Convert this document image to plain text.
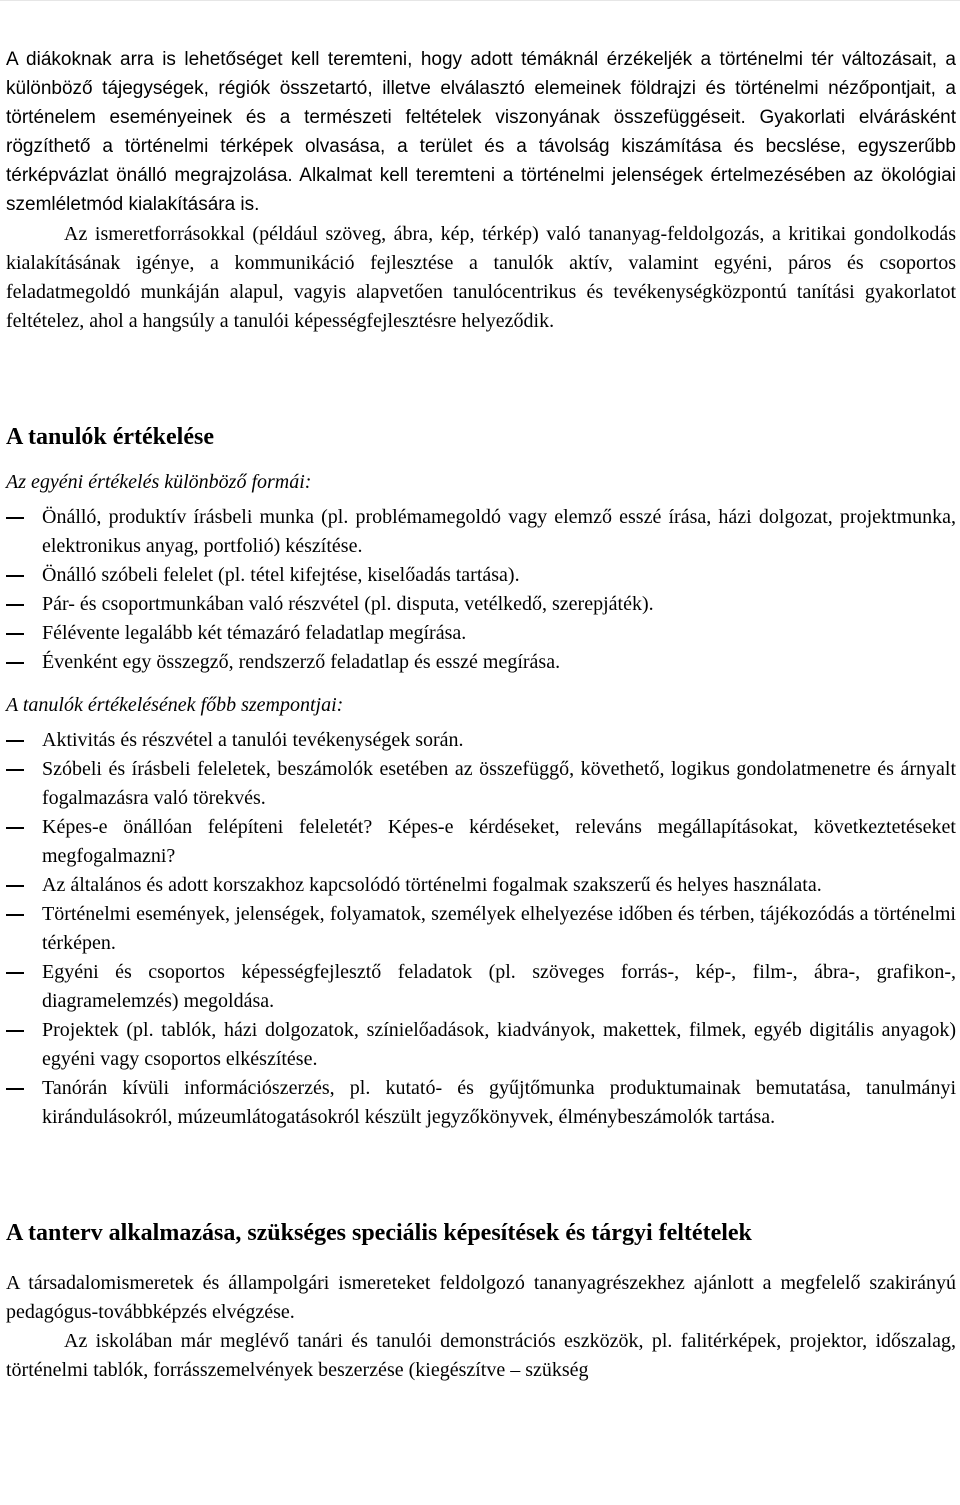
A diákoknak arra is lehetőséget kell teremteni, hogy adott témáknál érzékeljék a történelmi tér változásait, a különböző tájegységek, régiók összetartó, illetve elválasztó elemeinek földrajzi és történelmi nézőpontjait, a történelem eseményeinek és a természeti feltételek viszonyának összefüggéseit. Gyakorlati elvárásként rögzíthető a történelmi térképek olvasása, a terület és a távolság kiszámítása és becslése, egyszerűbb térképvázlat önálló megrajzolása. Alkalmat kell teremteni a történelmi jelenségek értelmezésében az ökológiai szemléletmód kialakítására is.

Az ismeretforrásokkal (például szöveg, ábra, kép, térkép) való tananyag-feldolgozás, a kritikai gondolkodás kialakításának igénye, a kommunikáció fejlesztése a tanulók aktív, valamint egyéni, páros és csoportos feladatmegoldó munkáján alapul, vagyis alapvetően tanulócentrikus és tevékenységközpontú tanítási gyakorlatot feltételez, ahol a hangsúly a tanulói képességfejlesztésre helyeződik.

A tanulók értékelése
Az egyéni értékelés különböző formái:
Önálló, produktív írásbeli munka (pl. problémamegoldó vagy elemző esszé írása, házi dolgozat, projektmunka, elektronikus anyag, portfolió) készítése.
Önálló szóbeli felelet (pl. tétel kifejtése, kiselőadás tartása).
Pár- és csoportmunkában való részvétel (pl. disputa, vetélkedő, szerepjáték).
Félévente legalább két témazáró feladatlap megírása.
Évenként egy összegző, rendszerző feladatlap és esszé megírása.
A tanulók értékelésének főbb szempontjai:
Aktivitás és részvétel a tanulói tevékenységek során.
Szóbeli és írásbeli feleletek, beszámolók esetében az összefüggő, követhető, logikus gondolatmenetre és árnyalt fogalmazásra való törekvés.
Képes-e önállóan felépíteni feleletét? Képes-e kérdéseket, releváns megállapításokat, következtetéseket megfogalmazni?
Az általános és adott korszakhoz kapcsolódó történelmi fogalmak szakszerű és helyes használata.
Történelmi események, jelenségek, folyamatok, személyek elhelyezése időben és térben, tájékozódás a történelmi térképen.
Egyéni és csoportos képességfejlesztő feladatok (pl. szöveges forrás-, kép-, film-, ábra-, grafikon-, diagramelemzés) megoldása.
Projektek (pl. tablók, házi dolgozatok, színielőadások, kiadványok, makettek, filmek, egyéb digitális anyagok) egyéni vagy csoportos elkészítése.
Tanórán kívüli információszerzés, pl. kutató- és gyűjtőmunka produktumainak bemutatása, tanulmányi kirándulásokról, múzeumlátogatásokról készült jegyzőkönyvek, élménybeszámolók tartása.
A tanterv alkalmazása, szükséges speciális képesítések és tárgyi feltételek

A társadalomismeretek és állampolgári ismereteket feldolgozó tananyagrészekhez ajánlott a megfelelő szakirányú pedagógus-továbbképzés elvégzése.

Az iskolában már meglévő tanári és tanulói demonstrációs eszközök, pl. falitérképek, projektor, időszalag, történelmi tablók, forrásszemelvények beszerzése (kiegészítve – szükség
